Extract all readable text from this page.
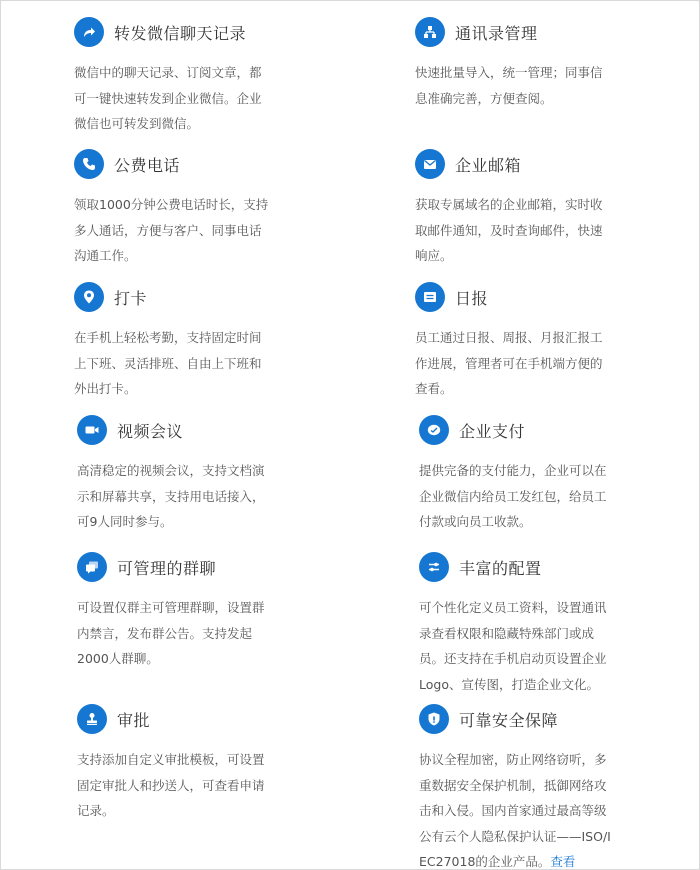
转发微信聊天记录

微信中的聊天记录、订阅文章，都
可一键快速转发到企业微信。企业
微信也可转发到微信。

通讯录管理

快速批量导入，统一管理；同事信
息准确完善，方便查阅。

公费电话

领取1000分钟公费电话时长，支持
多人通话，方便与客户、同事电话
沟通工作。

企业邮箱

获取专属域名的企业邮箱，实时收
取邮件通知，及时查询邮件，快速
响应。

打卡

在手机上轻松考勤，支持固定时间
上下班、灵活排班、自由上下班和
外出打卡。

日报

员工通过日报、周报、月报汇报工
作进展，管理者可在手机端方便的
查看。

视频会议

高清稳定的视频会议，支持文档演
示和屏幕共享，支持用电话接入，
可9人同时参与。

企业支付

提供完备的支付能力，企业可以在
企业微信内给员工发红包，给员工
付款或向员工收款。

可管理的群聊

可设置仅群主可管理群聊，设置群
内禁言，发布群公告。支持发起
2000人群聊。

丰富的配置

可个性化定义员工资料，设置通讯
录查看权限和隐藏特殊部门或成
员。还支持在手机启动页设置企业
Logo、宣传图，打造企业文化。

审批

支持添加自定义审批模板，可设置
固定审批人和抄送人，可查看申请
记录。

可靠安全保障

协议全程加密，防止网络窃听，多
重数据安全保护机制，抵御网络攻
击和入侵。国内首家通过最高等级
公有云个人隐私保护认证——ISO/I
EC27018的企业产品。查看
